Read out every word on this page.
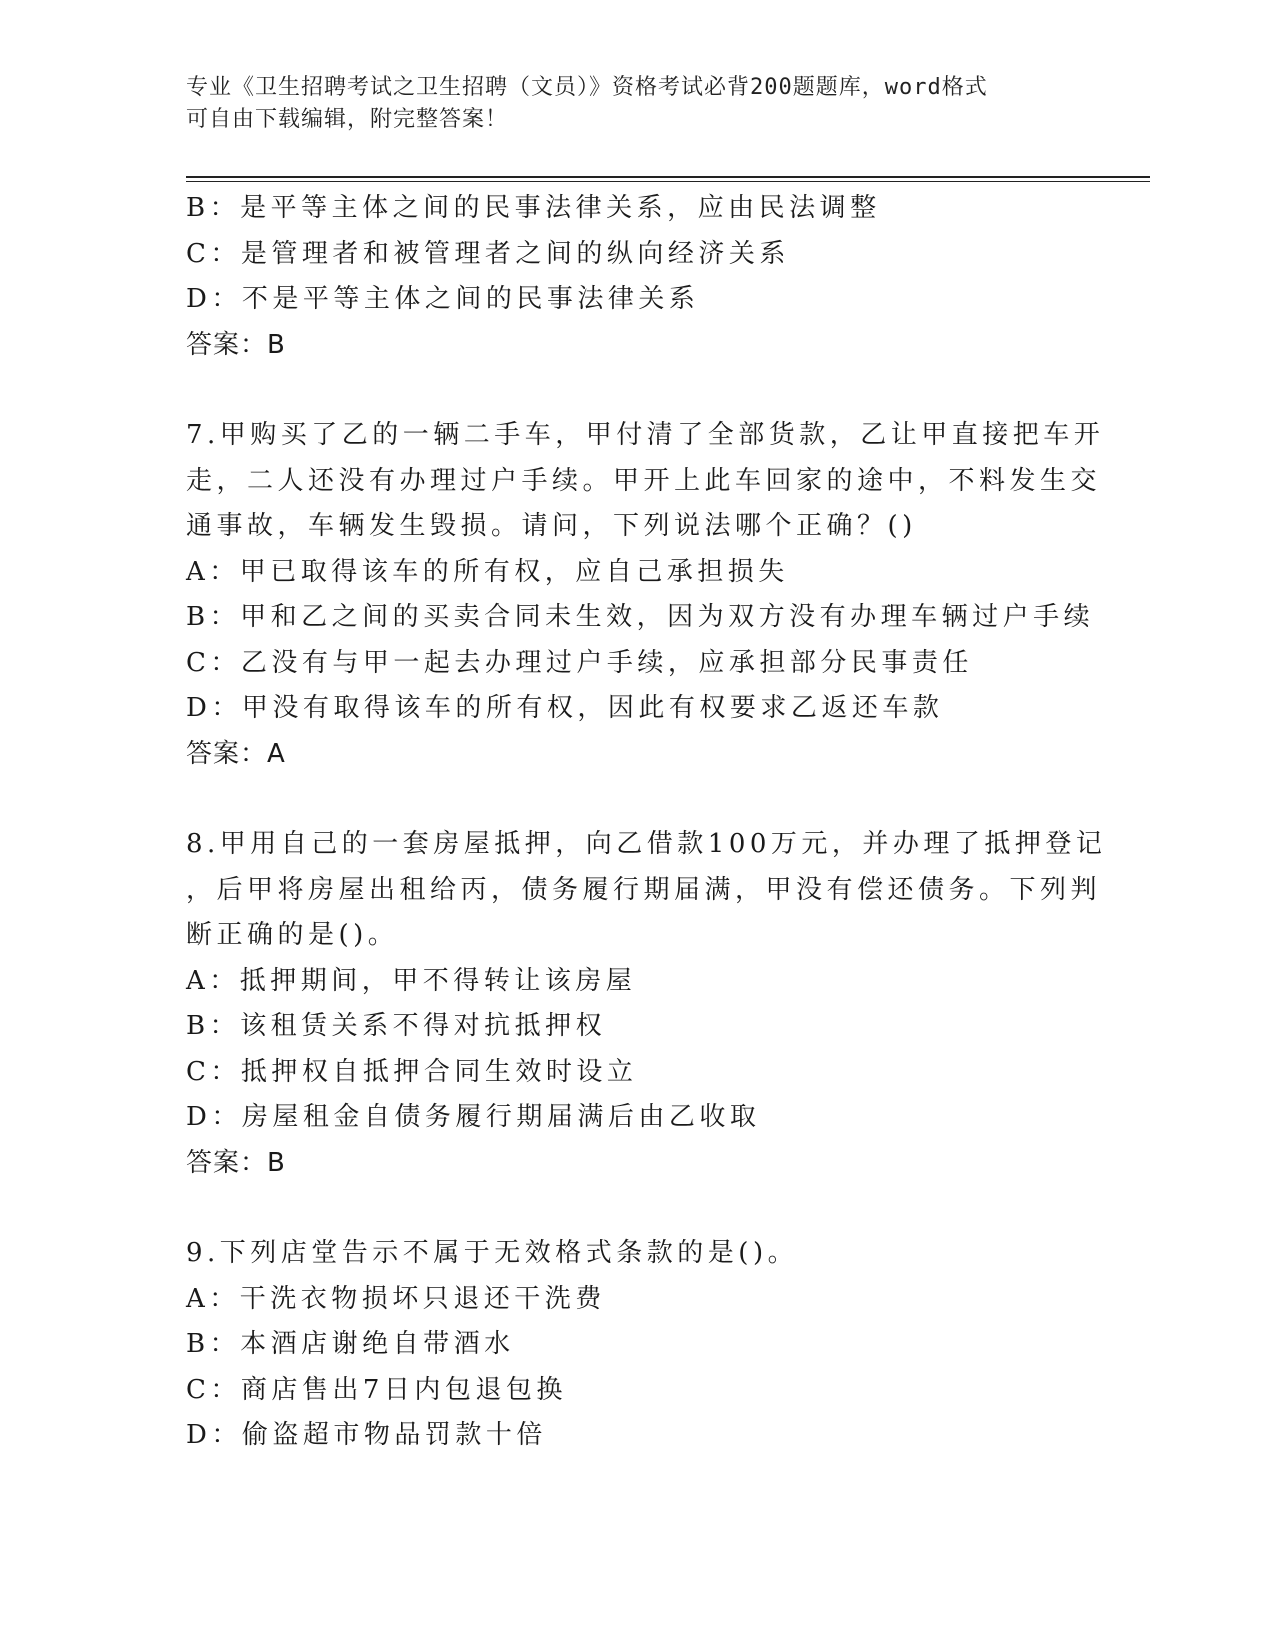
专业《卫生招聘考试之卫生招聘（文员）》资格考试必背200题题库，word格式
可自由下载编辑，附完整答案！
B：是平等主体之间的民事法律关系，应由民法调整
C：是管理者和被管理者之间的纵向经济关系
D：不是平等主体之间的民事法律关系
答案：B
7.甲购买了乙的一辆二手车，甲付清了全部货款，乙让甲直接把车开
走，二人还没有办理过户手续。甲开上此车回家的途中，不料发生交
通事故，车辆发生毁损。请问，下列说法哪个正确？()
A：甲已取得该车的所有权，应自己承担损失
B：甲和乙之间的买卖合同未生效，因为双方没有办理车辆过户手续
C：乙没有与甲一起去办理过户手续，应承担部分民事责任
D：甲没有取得该车的所有权，因此有权要求乙返还车款
答案：A
8.甲用自己的一套房屋抵押，向乙借款100万元，并办理了抵押登记
，后甲将房屋出租给丙，债务履行期届满，甲没有偿还债务。下列判
断正确的是()。
A：抵押期间，甲不得转让该房屋
B：该租赁关系不得对抗抵押权
C：抵押权自抵押合同生效时设立
D：房屋租金自债务履行期届满后由乙收取
答案：B
9.下列店堂告示不属于无效格式条款的是()。
A：干洗衣物损坏只退还干洗费
B：本酒店谢绝自带酒水
C：商店售出7日内包退包换
D：偷盗超市物品罚款十倍
